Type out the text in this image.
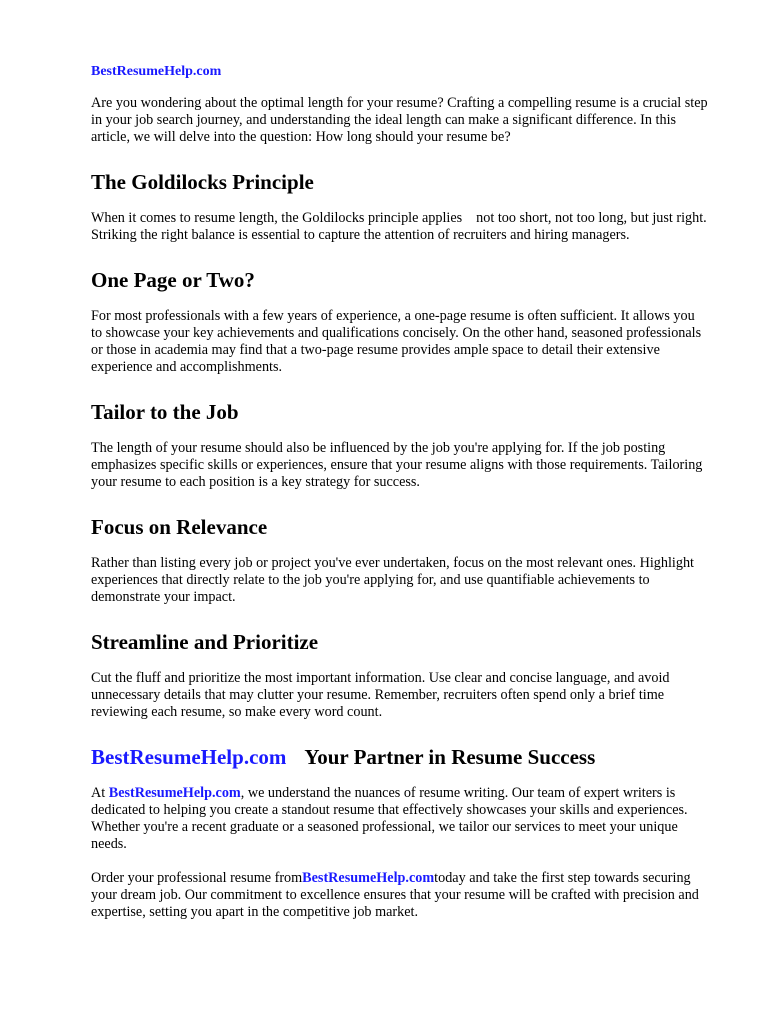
BestResumeHelp.com

Are you wondering about the optimal length for your resume? Crafting a compelling resume is a crucial step in your job search journey, and understanding the ideal length can make a significant difference. In this article, we will delve into the question: How long should your resume be?

The Goldilocks Principle

When it comes to resume length, the Goldilocks principle applies not too short, not too long, but just right. Striking the right balance is essential to capture the attention of recruiters and hiring managers.

One Page or Two?

For most professionals with a few years of experience, a one-page resume is often sufficient. It allows you to showcase your key achievements and qualifications concisely. On the other hand, seasoned professionals or those in academia may find that a two-page resume provides ample space to detail their extensive experience and accomplishments.

Tailor to the Job

The length of your resume should also be influenced by the job you're applying for. If the job posting emphasizes specific skills or experiences, ensure that your resume aligns with those requirements. Tailoring your resume to each position is a key strategy for success.

Focus on Relevance

Rather than listing every job or project you've ever undertaken, focus on the most relevant ones. Highlight experiences that directly relate to the job you're applying for, and use quantifiable achievements to demonstrate your impact.

Streamline and Prioritize

Cut the fluff and prioritize the most important information. Use clear and concise language, and avoid unnecessary details that may clutter your resume. Remember, recruiters often spend only a brief time reviewing each resume, so make every word count.

BestResumeHelp.com Your Partner in Resume Success

At BestResumeHelp.com, we understand the nuances of resume writing. Our team of expert writers is dedicated to helping you create a standout resume that effectively showcases your skills and experiences. Whether you're a recent graduate or a seasoned professional, we tailor our services to meet your unique needs.

Order your professional resume fromBestResumeHelp.comtoday and take the first step towards securing your dream job. Our commitment to excellence ensures that your resume will be crafted with precision and expertise, setting you apart in the competitive job market.
